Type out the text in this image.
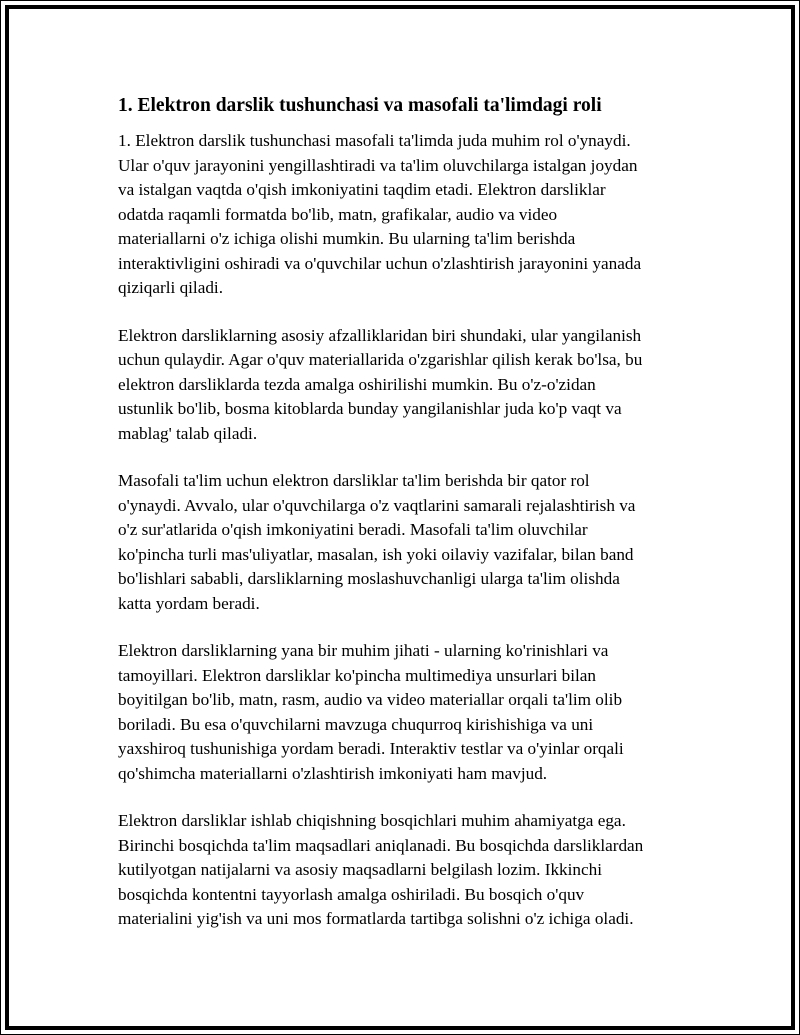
1. Elektron darslik tushunchasi va masofali ta'limdagi roli

1. Elektron darslik tushunchasi masofali ta'limda juda muhim rol o'ynaydi.
Ular o'quv jarayonini yengillashtiradi va ta'lim oluvchilarga istalgan joydan
va istalgan vaqtda o'qish imkoniyatini taqdim etadi. Elektron darsliklar
odatda raqamli formatda bo'lib, matn, grafikalar, audio va video
materiallarni o'z ichiga olishi mumkin. Bu ularning ta'lim berishda
interaktivligini oshiradi va o'quvchilar uchun o'zlashtirish jarayonini yanada
qiziqarli qiladi.

Elektron darsliklarning asosiy afzalliklaridan biri shundaki, ular yangilanish
uchun qulaydir. Agar o'quv materiallarida o'zgarishlar qilish kerak bo'lsa, bu
elektron darsliklarda tezda amalga oshirilishi mumkin. Bu o'z-o'zidan
ustunlik bo'lib, bosma kitoblarda bunday yangilanishlar juda ko'p vaqt va
mablag' talab qiladi.

Masofali ta'lim uchun elektron darsliklar ta'lim berishda bir qator rol
o'ynaydi. Avvalo, ular o'quvchilarga o'z vaqtlarini samarali rejalashtirish va
o'z sur'atlarida o'qish imkoniyatini beradi. Masofali ta'lim oluvchilar
ko'pincha turli mas'uliyatlar, masalan, ish yoki oilaviy vazifalar, bilan band
bo'lishlari sababli, darsliklarning moslashuvchanligi ularga ta'lim olishda
katta yordam beradi.

Elektron darsliklarning yana bir muhim jihati - ularning ko'rinishlari va
tamoyillari. Elektron darsliklar ko'pincha multimediya unsurlari bilan
boyitilgan bo'lib, matn, rasm, audio va video materiallar orqali ta'lim olib
boriladi. Bu esa o'quvchilarni mavzuga chuqurroq kirishishiga va uni
yaxshiroq tushunishiga yordam beradi. Interaktiv testlar va o'yinlar orqali
qo'shimcha materiallarni o'zlashtirish imkoniyati ham mavjud.

Elektron darsliklar ishlab chiqishning bosqichlari muhim ahamiyatga ega.
Birinchi bosqichda ta'lim maqsadlari aniqlanadi. Bu bosqichda darsliklardan
kutilyotgan natijalarni va asosiy maqsadlarni belgilash lozim. Ikkinchi
bosqichda kontentni tayyorlash amalga oshiriladi. Bu bosqich o'quv
materialini yig'ish va uni mos formatlarda tartibga solishni o'z ichiga oladi.
